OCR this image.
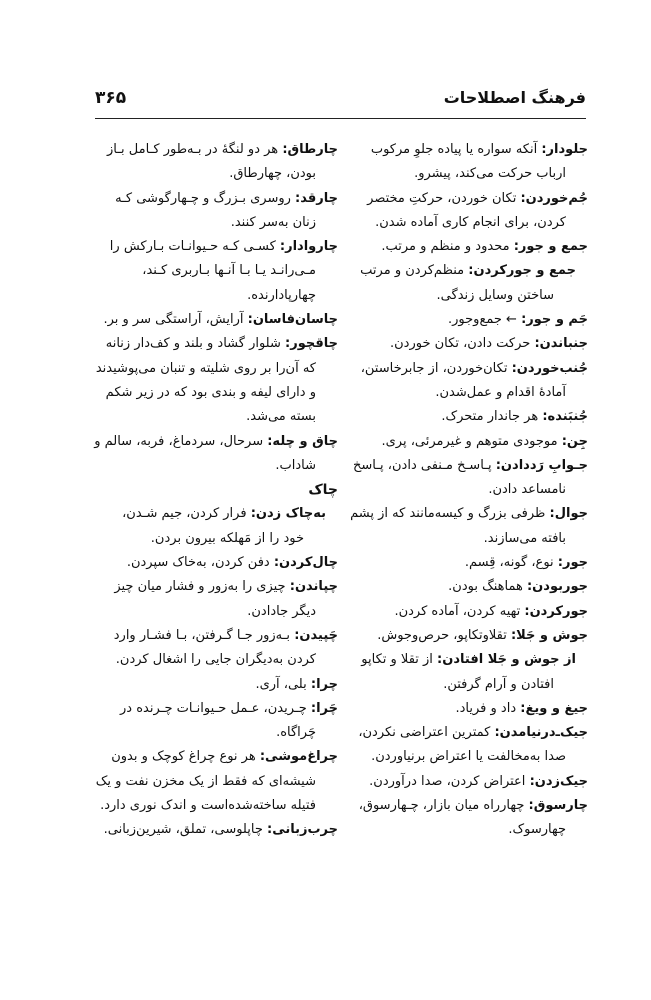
فرهنگ اصطلاحات
۳۶۵
جلودار: آنکه سواره یا پیاده جلوِ مرکوب
ارباب حرکت می‌کند، پیشرو.
جُم‌خوردن: تکان خوردن، حرکتِ مختصر
کردن، برای انجام کاری آماده شدن.
جمع و جور: محدود و منظم و مرتب.
جمع و جورکردن: منظم‌کردن و مرتب
ساختن وسایل زندگی.
جَم و جور: ← جمع‌وجور.
جنباندن: حرکت دادن، تکان خوردن.
جُنب‌خوردن: تکان‌خوردن، از جابرخاستن،
آمادهٔ اقدام و عمل‌شدن.
جُنبَنده: هر جاندار متحرک.
جِن: موجودی متوهم و غیرمرئی، پری.
جـوابِ رَددادن: پـاسـخ مـنفی دادن، پـاسخ
نامساعد دادن.
جوال: ظرفی بزرگ و کیسه‌مانند که از پشم
بافته می‌سازند.
جور: نوع، گونه، قِسم.
جوربودن: هماهنگ بودن.
جورکردن: تهیه کردن، آماده کردن.
جوش و جَلا: تقلاوتکاپو، حرص‌وجوش.
از جوش و جَلا افتادن: از تقلا و تکاپو
افتادن و آرام گرفتن.
جیغ و ویغ: داد و فریاد.
جیک‌ـ‌درنیامدن: کمترین اعتراضی نکردن،
صدا به‌مخالفت یا اعتراض برنیاوردن.
جیک‌زدن: اعتراض کردن، صدا درآوردن.
چارسوق: چهارراه میان بازار، چـهارسوق،
چهارسوک.
چارطاق: هر دو لنگهٔ در بـه‌طور کـامل بـاز
بودن، چهارطاق.
چارقد: روسری بـزرگ و چـهارگوشی کـه
زنان به‌سر کنند.
چاروادار: کسـی کـه حـیوانـات بـارکش را
مـی‌رانـد یـا بـا آنـها بـاربری کـند،
چهارپادارنده.
چاسان‌فاسان: آرایش، آراستگی سر و بر.
چاقچور: شلوار گشاد و بلند و کف‌دار زنانه
که آن‌را بر روی شلیته و تنبان می‌پوشیدند
و دارای لیفه و بندی بود که در زیر شکم
بسته می‌شد.
چاق و چله: سرحال، سردماغ، فربه، سالم و
شاداب.
چاک
به‌چاک زدن: فرار کردن، جیم شـدن،
خود را از مَهلکه بیرون بردن.
چال‌کردن: دفن کردن، به‌خاک سپردن.
چپاندن: چیزی را به‌زور و فشار میان چیز
دیگر جادادن.
چَپیدن: بـه‌زور جـا گـرفتن، بـا فشـار وارد
کردن به‌دیگران جایی را اشغال کردن.
چرا: بلی، آری.
چَرا: چـریدن، عـمل حـیوانـات چـرنده در
چَراگاه.
چراغ‌موشی: هر نوع چراغ کوچک و بدون
شیشه‌ای که فقط از یک مخزن نفت و یک
فتیله ساخته‌شده‌است و اندک نوری دارد.
چرب‌زبانی: چاپلوسی، تملق، شیرین‌زبانی.
